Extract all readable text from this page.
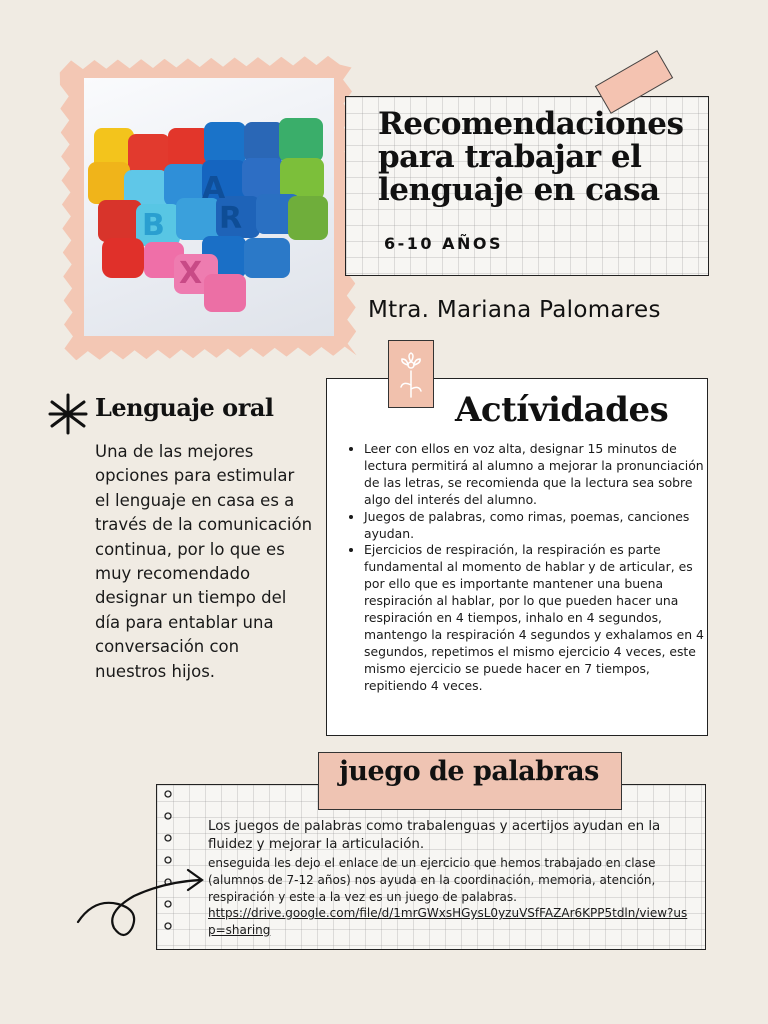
A
B R
X
Recomendaciones para trabajar el lenguaje en casa
6-10 AÑOS
Mtra. Mariana Palomares
Lenguaje oral
Una de las mejores opciones para estimular el lenguaje en casa es a través de la comunicación continua, por lo que es muy recomendado designar un tiempo del día para entablar una conversación con nuestros hijos.
Actívidades
• Leer con ellos en voz alta, designar 15 minutos de lectura permitirá al alumno a mejorar la pronunciación de las letras, se recomienda que la lectura sea sobre algo del interés del alumno.
• Juegos de palabras, como rimas, poemas, canciones ayudan.
• Ejercicios de respiración, la respiración es parte fundamental al momento de hablar y de articular, es por ello que es importante mantener una buena respiración al hablar, por lo que pueden hacer una respiración en 4 tiempos, inhalo en 4 segundos, mantengo la respiración 4 segundos y exhalamos en 4 segundos, repetimos el mismo ejercicio 4 veces, este mismo ejercicio se puede hacer en 7 tiempos, repitiendo 4 veces.
juego de palabras
Los juegos de palabras como trabalenguas y acertijos ayudan en la fluidez y mejorar la articulación.
enseguida les dejo el enlace de un ejercicio que hemos trabajado en clase (alumnos de 7-12 años) nos ayuda en la coordinación, memoria, atención, respiración y este a la vez es un juego de palabras.
https://drive.google.com/file/d/1mrGWxsHGysL0yzuVSfFAZAr6KPP5tdln/view?usp=sharing
